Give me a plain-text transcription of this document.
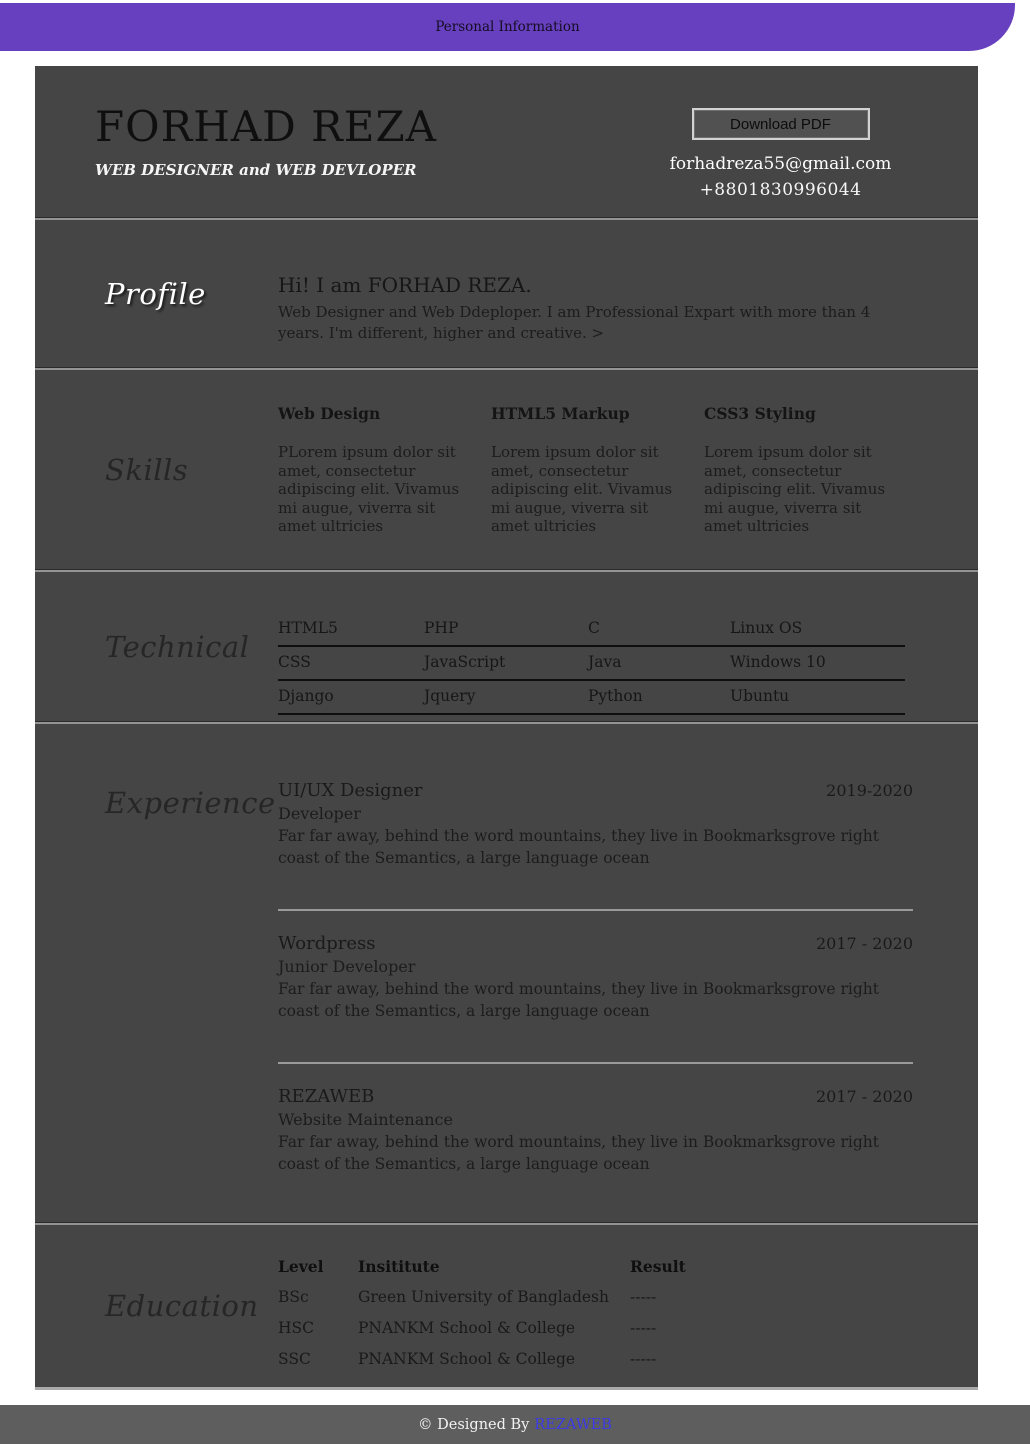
Personal Information
FORHAD REZA
WEB DESIGNER and WEB DEVLOPER
Download PDF
forhadreza55@gmail.com
+8801830996044
Profile	Hi! I am FORHAD REZA.
Web Designer and Web Ddeploper. I am Professional Expart with more than 4 years. I'm different, higher and creative. >
Skills
Web Design
PLorem ipsum dolor sit amet, consectetur adipiscing elit. Vivamus mi augue, viverra sit amet ultricies
HTML5 Markup
Lorem ipsum dolor sit amet, consectetur adipiscing elit. Vivamus mi augue, viverra sit amet ultricies
CSS3 Styling
Lorem ipsum dolor sit amet, consectetur adipiscing elit. Vivamus mi augue, viverra sit amet ultricies
Technical
HTML5	PHP	C	Linux OS
CSS	JavaScript	Java	Windows 10
Django	Jquery	Python	Ubuntu
Experience UI/UX Designer	2019-2020
Developer
Far far away, behind the word mountains, they live in Bookmarksgrove right coast of the Semantics, a large language ocean
Wordpress	2017 - 2020
Junior Developer
Far far away, behind the word mountains, they live in Bookmarksgrove right coast of the Semantics, a large language ocean
REZAWEB	2017 - 2020
Website Maintenance
Far far away, behind the word mountains, they live in Bookmarksgrove right coast of the Semantics, a large language ocean
Education
Level	Insititute	Result
BSc	Green University of Bangladesh	-----
HSC	PNANKM School & College	-----
SSC	PNANKM School & College	-----
© Designed By REZAWEB
